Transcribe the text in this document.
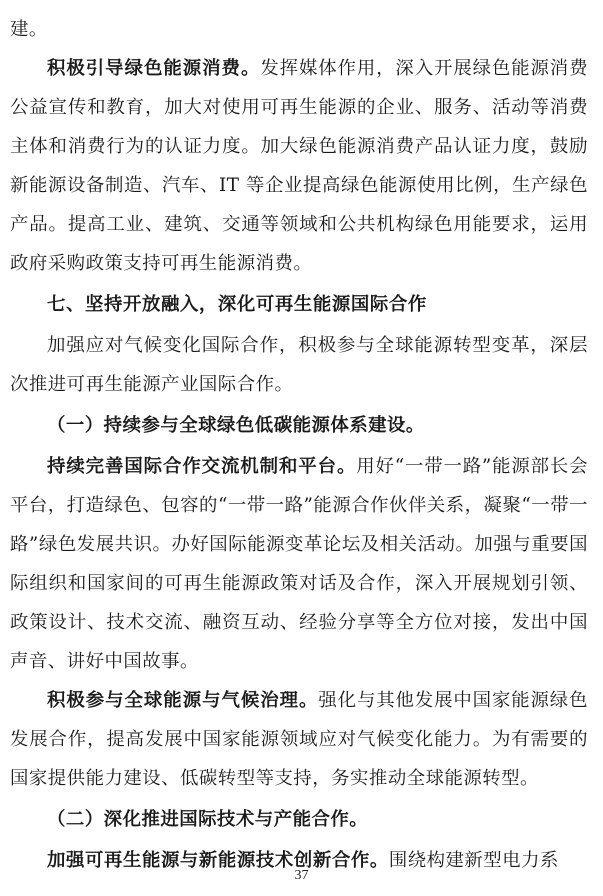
建。

积极引导绿色能源消费。发挥媒体作用，深入开展绿色能源消费公益宣传和教育，加大对使用可再生能源的企业、服务、活动等消费主体和消费行为的认证力度。加大绿色能源消费产品认证力度，鼓励新能源设备制造、汽车、IT 等企业提高绿色能源使用比例，生产绿色产品。提高工业、建筑、交通等领域和公共机构绿色用能要求，运用政府采购政策支持可再生能源消费。

七、坚持开放融入，深化可再生能源国际合作

加强应对气候变化国际合作，积极参与全球能源转型变革，深层次推进可再生能源产业国际合作。

（一）持续参与全球绿色低碳能源体系建设。

持续完善国际合作交流机制和平台。用好“一带一路”能源部长会平台，打造绿色、包容的“一带一路”能源合作伙伴关系，凝聚“一带一路”绿色发展共识。办好国际能源变革论坛及相关活动。加强与重要国际组织和国家间的可再生能源政策对话及合作，深入开展规划引领、政策设计、技术交流、融资互动、经验分享等全方位对接，发出中国声音、讲好中国故事。

积极参与全球能源与气候治理。强化与其他发展中国家能源绿色发展合作，提高发展中国家能源领域应对气候变化能力。为有需要的国家提供能力建设、低碳转型等支持，务实推动全球能源转型。

（二）深化推进国际技术与产能合作。

加强可再生能源与新能源技术创新合作。围绕构建新型电力系

37
